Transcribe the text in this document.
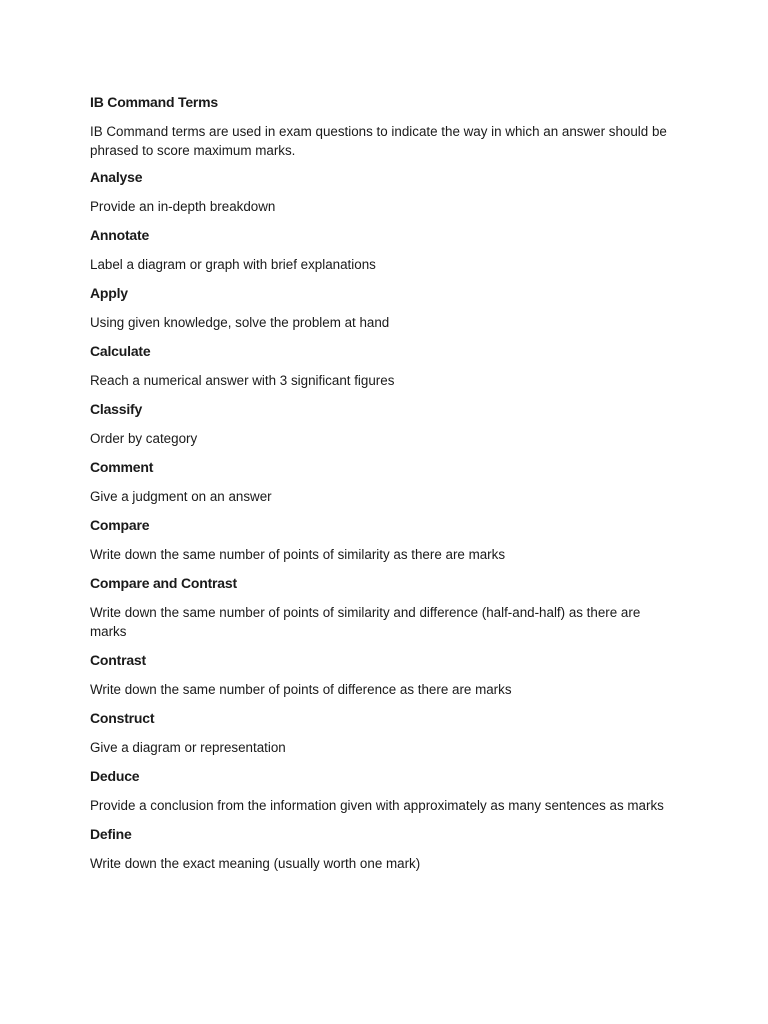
IB Command Terms
IB Command terms are used in exam questions to indicate the way in which an answer should be phrased to score maximum marks.
Analyse
Provide an in-depth breakdown
Annotate
Label a diagram or graph with brief explanations
Apply
Using given knowledge, solve the problem at hand
Calculate
Reach a numerical answer with 3 significant figures
Classify
Order by category
Comment
Give a judgment on an answer
Compare
Write down the same number of points of similarity as there are marks
Compare and Contrast
Write down the same number of points of similarity and difference (half-and-half) as there are marks
Contrast
Write down the same number of points of difference as there are marks
Construct
Give a diagram or representation
Deduce
Provide a conclusion from the information given with approximately as many sentences as marks
Define
Write down the exact meaning (usually worth one mark)
